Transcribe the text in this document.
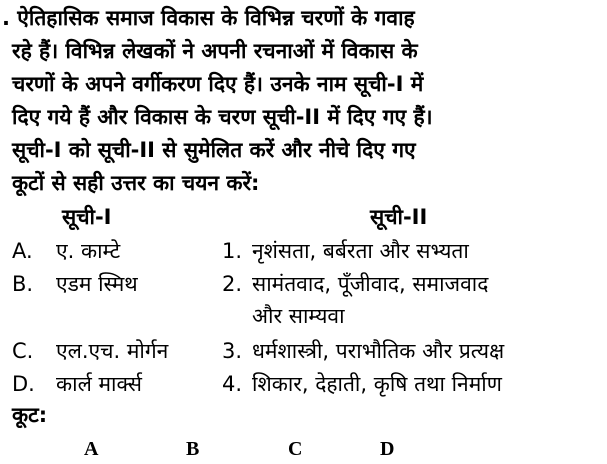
. ऐतिहासिक समाज विकास के विभिन्न चरणों के गवाह
रहे हैं। विभिन्न लेखकों ने अपनी रचनाओं में विकास के
चरणों के अपने वर्गीकरण दिए हैं। उनके नाम सूची-I में
दिए गये हैं और विकास के चरण सूची-II में दिए गए हैं।
सूची-I को सूची-II से सुमेलित करें और नीचे दिए गए
कूटों से सही उत्तर का चयन करें:
सूची-I	सूची-II
A. ए. काम्टे	1. नृशंसता, बर्बरता और सभ्यता
B. एडम स्मिथ	2. सामंतवाद, पूँजीवाद, समाजवाद
और साम्यवा
C. एल.एच. मोर्गन	3. धर्मशास्त्री, पराभौतिक और प्रत्यक्ष
D. कार्ल मार्क्स	4. शिकार, देहाती, कृषि तथा निर्माण
कूट:
A	B	C	D
